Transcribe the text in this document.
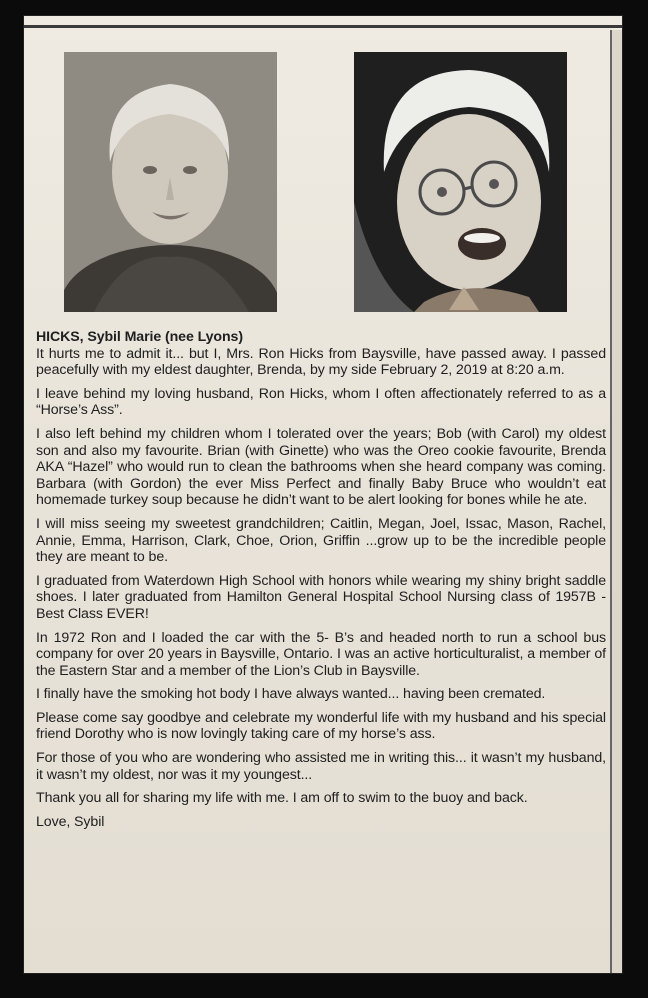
HICKS, Sybil Marie (nee Lyons)
It hurts me to admit it... but I, Mrs. Ron Hicks from Baysville, have passed away. I passed peacefully with my eldest daughter, Brenda, by my side February 2, 2019 at 8:20 a.m.

I leave behind my loving husband, Ron Hicks, whom I often affectionately referred to as a “Horse’s Ass”.

I also left behind my children whom I tolerated over the years; Bob (with Carol) my oldest son and also my favourite. Brian (with Ginette) who was the Oreo cookie favourite, Brenda AKA “Hazel” who would run to clean the bathrooms when she heard company was coming. Barbara (with Gordon) the ever Miss Perfect and finally Baby Bruce who wouldn’t eat homemade turkey soup because he didn’t want to be alert looking for bones while he ate.

I will miss seeing my sweetest grandchildren; Caitlin, Megan, Joel, Issac, Mason, Rachel, Annie, Emma, Harrison, Clark, Choe, Orion, Griffin ...grow up to be the incredible people they are meant to be.

I graduated from Waterdown High School with honors while wearing my shiny bright saddle shoes. I later graduated from Hamilton General Hospital School Nursing class of 1957B - Best Class EVER!

In 1972 Ron and I loaded the car with the 5- B’s and headed north to run a school bus company for over 20 years in Baysville, Ontario. I was an active horticulturalist, a member of the Eastern Star and a member of the Lion’s Club in Baysville.

I finally have the smoking hot body I have always wanted... having been cremated.

Please come say goodbye and celebrate my wonderful life with my husband and his special friend Dorothy who is now lovingly taking care of my horse’s ass.

For those of you who are wondering who assisted me in writing this... it wasn’t my husband, it wasn’t my oldest, nor was it my youngest...

Thank you all for sharing my life with me. I am off to swim to the buoy and back.

Love, Sybil
